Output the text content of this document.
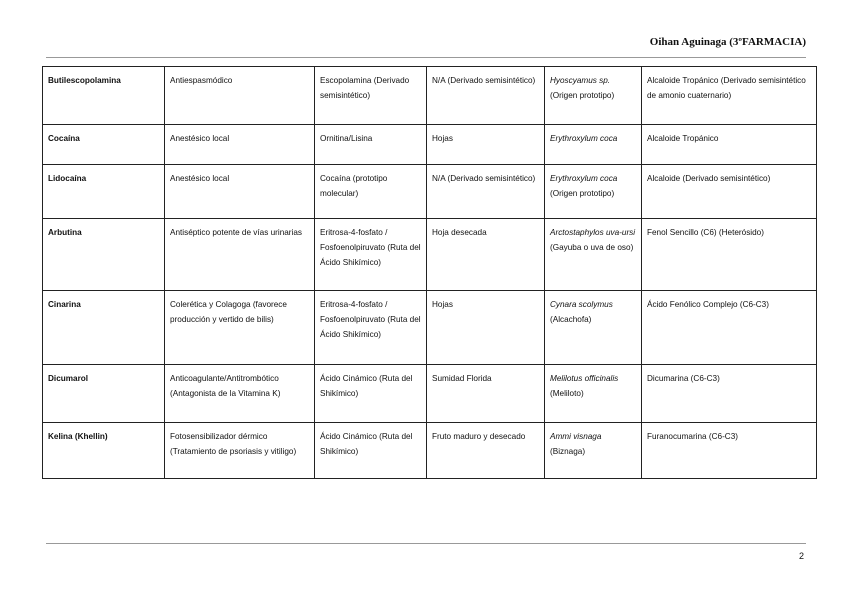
Oihan Aguinaga (3ºFARMACIA)
Butilescopolamina	Antiespasmódico	Escopolamina (Derivado semisintético)	N/A (Derivado semisintético)	Hyoscyamus sp. (Origen prototipo)	Alcaloide Tropánico (Derivado semisintético de amonio cuaternario)
Cocaína	Anestésico local	Ornitina/Lisina	Hojas	Erythroxylum coca	Alcaloide Tropánico
Lidocaína	Anestésico local	Cocaína (prototipo molecular)	N/A (Derivado semisintético)	Erythroxylum coca (Origen prototipo)	Alcaloide (Derivado semisintético)
Arbutina	Antiséptico potente de vías urinarias	Eritrosa-4-fosfato / Fosfoenolpiruvato (Ruta del Ácido Shikímico)	Hoja desecada	Arctostaphylos uva-ursi (Gayuba o uva de oso)	Fenol Sencillo (C6) (Heterósido)
Cinarina	Colerética y Colagoga (favorece producción y vertido de bilis)	Eritrosa-4-fosfato / Fosfoenolpiruvato (Ruta del Ácido Shikímico)	Hojas	Cynara scolymus (Alcachofa)	Ácido Fenólico Complejo (C6-C3)
Dicumarol	Anticoagulante/Antitrombótico (Antagonista de la Vitamina K)	Ácido Cinámico (Ruta del Shikímico)	Sumidad Florida	Melilotus officinalis (Meliloto)	Dicumarina (C6-C3)
Kelina (Khellin)	Fotosensibilizador dérmico (Tratamiento de psoriasis y vitiligo)	Ácido Cinámico (Ruta del Shikímico)	Fruto maduro y desecado	Ammi visnaga (Biznaga)	Furanocumarina (C6-C3)
2
